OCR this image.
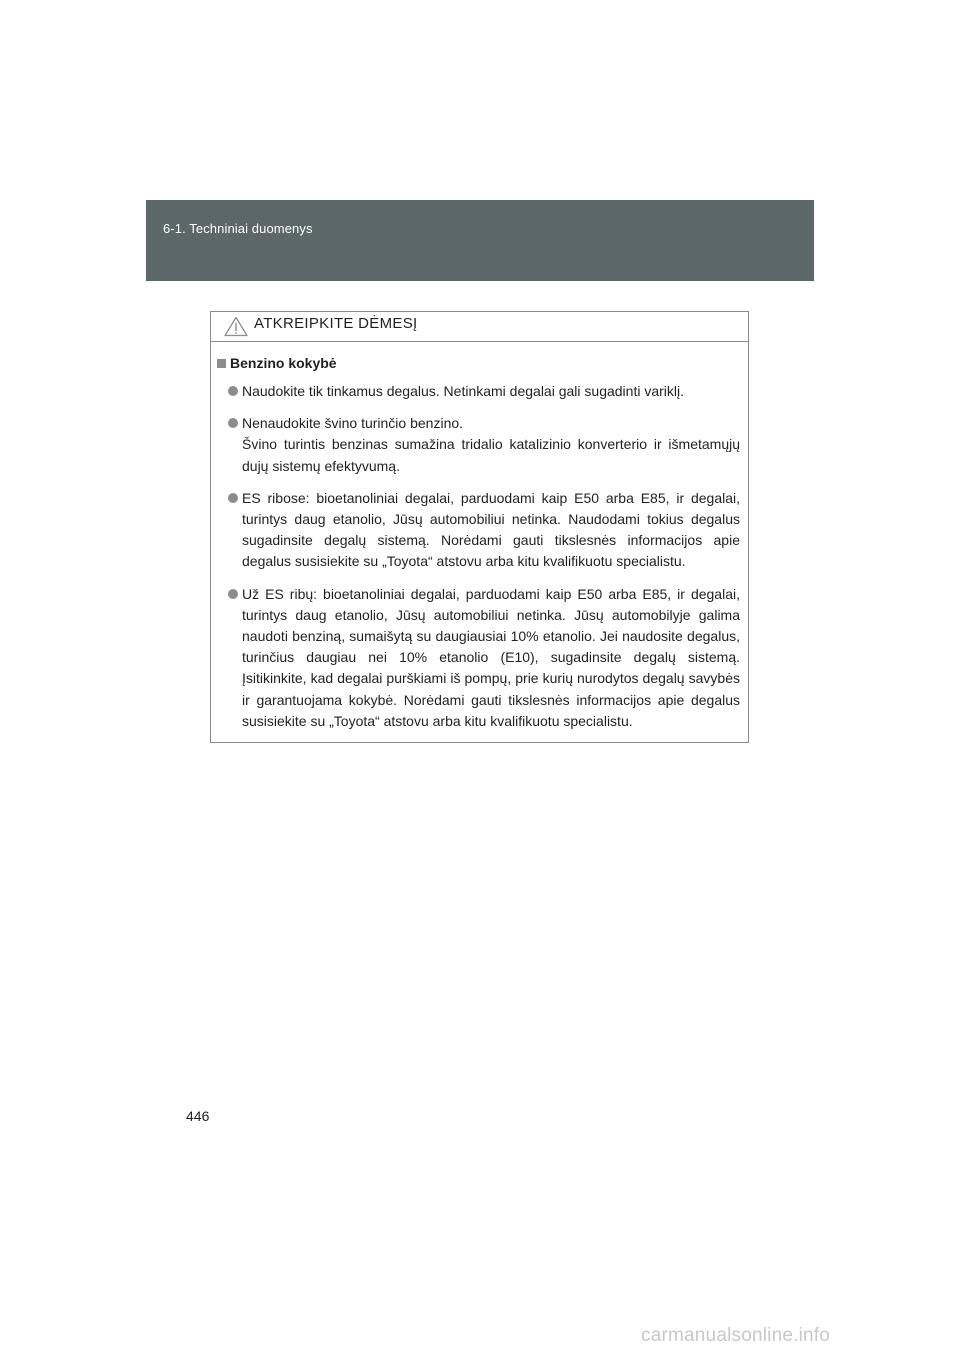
6-1. Techniniai duomenys
ATKREIPKITE DĖMESĮ
Benzino kokybė
Naudokite tik tinkamus degalus. Netinkami degalai gali sugadinti variklį.
Nenaudokite švino turinčio benzino.
Švino turintis benzinas sumažina tridalio katalizinio konverterio ir išmetamųjų dujų sistemų efektyvumą.
ES ribose: bioetanoliniai degalai, parduodami kaip E50 arba E85, ir degalai, turintys daug etanolio, Jūsų automobiliui netinka. Naudodami tokius degalus sugadinsite degalų sistemą. Norėdami gauti tikslesnės informacijos apie degalus susisiekite su „Toyota“ atstovu arba kitu kvalifikuotu specialistu.
Už ES ribų: bioetanoliniai degalai, parduodami kaip E50 arba E85, ir degalai, turintys daug etanolio, Jūsų automobiliui netinka. Jūsų automobilyje galima naudoti benziną, sumaišytą su daugiausiai 10% etanolio. Jei naudosite degalus, turinčius daugiau nei 10% etanolio (E10), sugadinsite degalų sistemą. Įsitikinkite, kad degalai purškiami iš pompų, prie kurių nurodytos degalų savybės ir garantuojama kokybė. Norėdami gauti tikslesnės informacijos apie degalus susisiekite su „Toyota“ atstovu arba kitu kvalifikuotu specialistu.
446
carmanualsonline.info
